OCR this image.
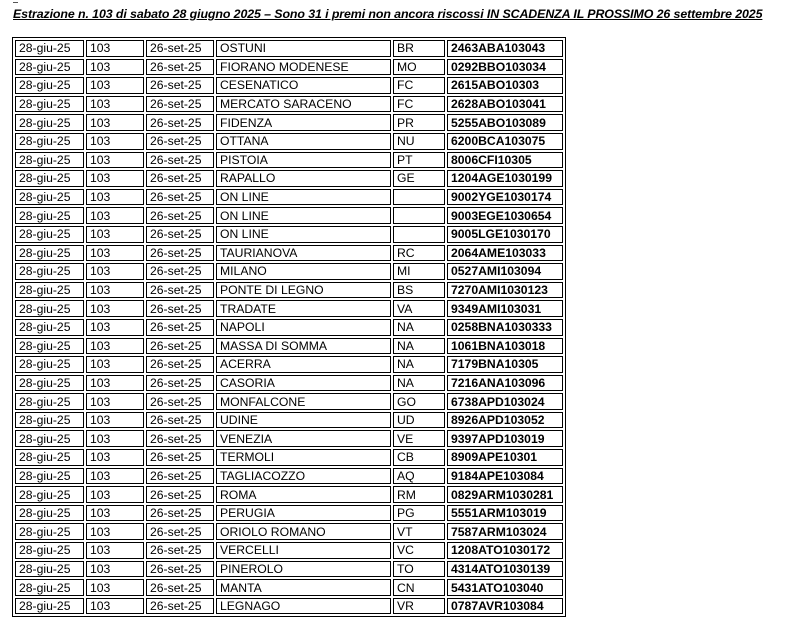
Estrazione n. 103 di sabato 28 giugno 2025 – Sono 31 i premi non ancora riscossi IN SCADENZA IL PROSSIMO 26 settembre 2025
28-giu-25	103	26-set-25	OSTUNI	BR	2463ABA103043
28-giu-25	103	26-set-25	FIORANO MODENESE	MO	0292BBO103034
28-giu-25	103	26-set-25	CESENATICO	FC	2615ABO10303
28-giu-25	103	26-set-25	MERCATO SARACENO	FC	2628ABO103041
28-giu-25	103	26-set-25	FIDENZA	PR	5255ABO103089
28-giu-25	103	26-set-25	OTTANA	NU	6200BCA103075
28-giu-25	103	26-set-25	PISTOIA	PT	8006CFI10305
28-giu-25	103	26-set-25	RAPALLO	GE	1204AGE1030199
28-giu-25	103	26-set-25	ON LINE		9002YGE1030174
28-giu-25	103	26-set-25	ON LINE		9003EGE1030654
28-giu-25	103	26-set-25	ON LINE		9005LGE1030170
28-giu-25	103	26-set-25	TAURIANOVA	RC	2064AME103033
28-giu-25	103	26-set-25	MILANO	MI	0527AMI103094
28-giu-25	103	26-set-25	PONTE DI LEGNO	BS	7270AMI1030123
28-giu-25	103	26-set-25	TRADATE	VA	9349AMI103031
28-giu-25	103	26-set-25	NAPOLI	NA	0258BNA1030333
28-giu-25	103	26-set-25	MASSA DI SOMMA	NA	1061BNA103018
28-giu-25	103	26-set-25	ACERRA	NA	7179BNA10305
28-giu-25	103	26-set-25	CASORIA	NA	7216ANA103096
28-giu-25	103	26-set-25	MONFALCONE	GO	6738APD103024
28-giu-25	103	26-set-25	UDINE	UD	8926APD103052
28-giu-25	103	26-set-25	VENEZIA	VE	9397APD103019
28-giu-25	103	26-set-25	TERMOLI	CB	8909APE10301
28-giu-25	103	26-set-25	TAGLIACOZZO	AQ	9184APE103084
28-giu-25	103	26-set-25	ROMA	RM	0829ARM1030281
28-giu-25	103	26-set-25	PERUGIA	PG	5551ARM103019
28-giu-25	103	26-set-25	ORIOLO ROMANO	VT	7587ARM103024
28-giu-25	103	26-set-25	VERCELLI	VC	1208ATO1030172
28-giu-25	103	26-set-25	PINEROLO	TO	4314ATO1030139
28-giu-25	103	26-set-25	MANTA	CN	5431ATO103040
28-giu-25	103	26-set-25	LEGNAGO	VR	0787AVR103084
